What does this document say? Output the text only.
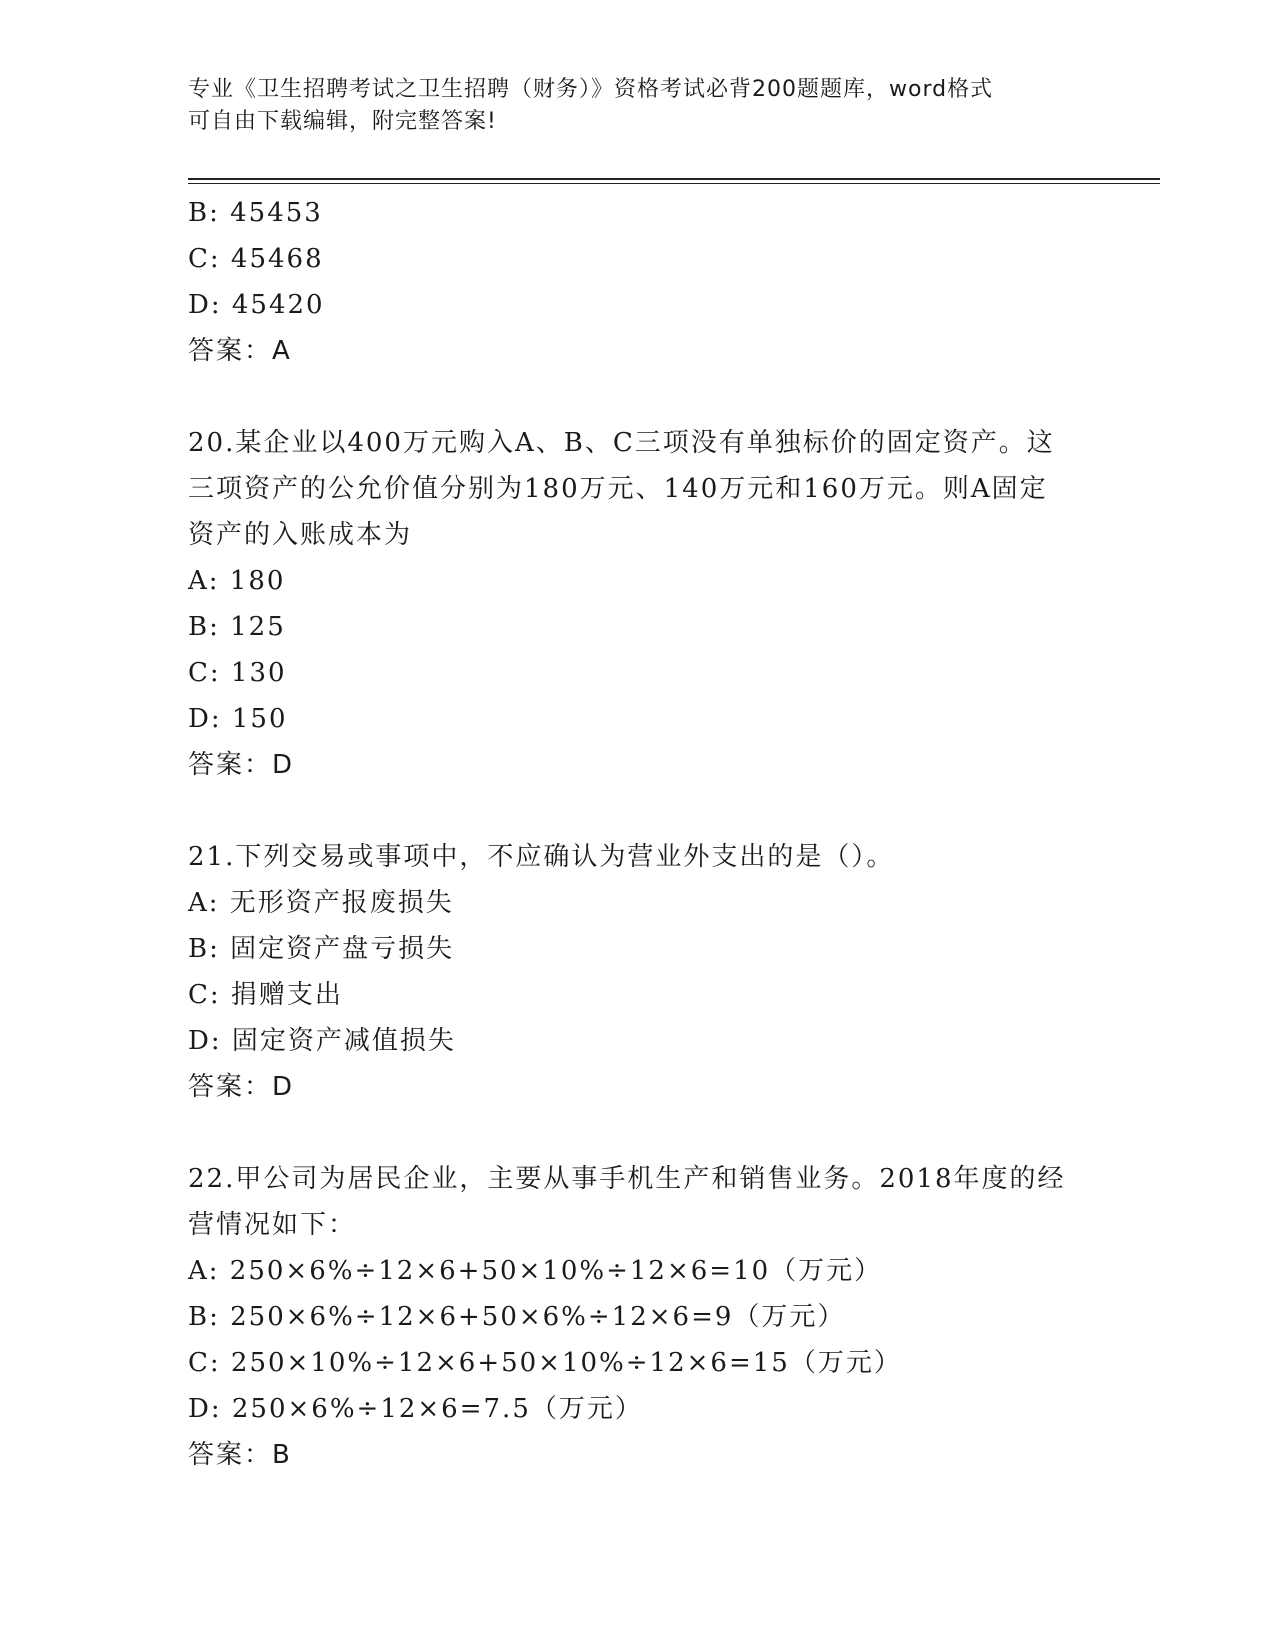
专业《卫生招聘考试之卫生招聘（财务）》资格考试必背200题题库，word格式
可自由下载编辑，附完整答案!

B: 45453

C: 45468

D: 45420

答案：A

20.某企业以400万元购入A、B、C三项没有单独标价的固定资产。这

三项资产的公允价值分别为180万元、140万元和160万元。则A固定

资产的入账成本为

A: 180

B: 125

C: 130

D: 150

答案：D

21.下列交易或事项中，不应确认为营业外支出的是（）。

A: 无形资产报废损失

B: 固定资产盘亏损失

C: 捐赠支出

D: 固定资产减值损失

答案：D

22.甲公司为居民企业，主要从事手机生产和销售业务。2018年度的经

营情况如下：

A: 250×6%÷12×6+50×10%÷12×6=10（万元）

B: 250×6%÷12×6+50×6%÷12×6=9（万元）

C: 250×10%÷12×6+50×10%÷12×6=15（万元）

D: 250×6%÷12×6=7.5（万元）

答案：B
